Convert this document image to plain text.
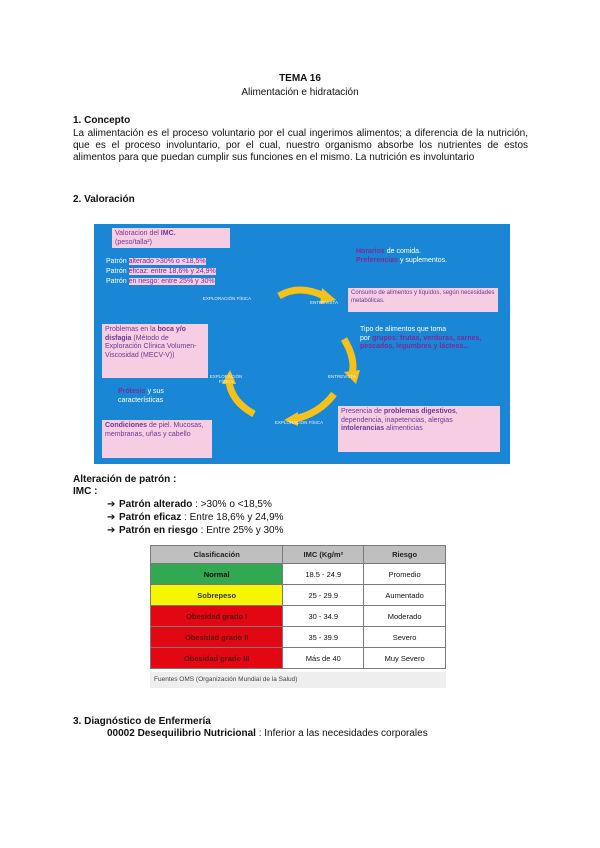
TEMA 16
Alimentación e hidratación
1. Concepto
La alimentación es el proceso voluntario por el cual ingerimos alimentos; a diferencia de la nutrición, que es el proceso involuntario, por el cual, nuestro organismo absorbe los nutrientes de estos alimentos para que puedan cumplir sus funciones en el mismo. La nutrición es involuntario
2. Valoración
Valoracion del IMC.
(peso/talla²)
Patrón alterado >30% o <18,5%
Patrón eficaz: entre 18,6% y 24,9%
Patrón en riesgo: entre 25% y 30%
EXPLORACIÓN FÍSICA
ENTREVISTA
ENTREVISTA
EXPLORACIÓN FÍSICA
EXPLORACIÓN FÍSICA
Horarios de comida.
Preferencias y suplementos.
Consumo de alimentos y líquidos, según necesidades metabólicas.
Tipo de alimentos que toma
por grupos: frutas, verduras, carnes, pescados, legumbres y lácteos...
Presencia de problemas digestivos, dependencia, inapetencias, alergias intolerancias alimenticias
Problemas en la boca y/o disfagia (Método de Exploración Clínica Volumen-Viscosidad (MECV-V))
Prótesis y sus características
Condiciones de piel. Mucosas, membranas, uñas y cabello
Alteración de patrón :
IMC :
➔ Patrón alterado : >30% o <18,5%
➔ Patrón eficaz : Entre 18,6% y 24,9%
➔ Patrón en riesgo : Entre 25% y 30%
Clasificación	IMC (Kg/m²	Riesgo
Normal	18.5 - 24.9	Promedio
Sobrepeso	25 - 29.9	Aumentado
Obesidad grado I	30 - 34.9	Moderado
Obesidad grado II	35 - 39.9	Severo
Obesidad grado III	Más de 40	Muy Severo
Fuentes OMS (Organización Mundial de la Salud)
3. Diagnóstico de Enfermería
00002 Desequilibrio Nutricional : Inferior a las necesidades corporales
